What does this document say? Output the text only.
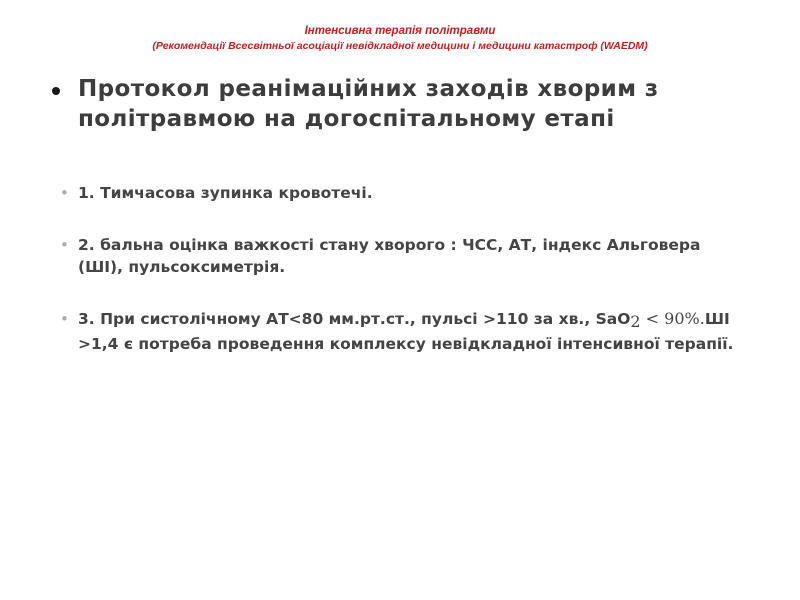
Інтенсивна терапія політравми
(Рекомендації Всесвітньої асоціації невідкладної медицини і медицини катастроф (WAEDM)
Протокол реанімаційних заходів хворим з політравмою на догоспітальному етапі
• 1. Тимчасова зупинка кровотечі.
• 2. бальна оцінка важкості стану хворого : ЧСС, АТ, індекс Альговера (ШІ), пульсоксиметрія.
• 3. При систолічному АТ<80 мм.рт.ст., пульсі >110 за хв., SaO$_2$ < 90%.ШІ >1,4 є потреба проведення комплексу невідкладної інтенсивної терапії.
